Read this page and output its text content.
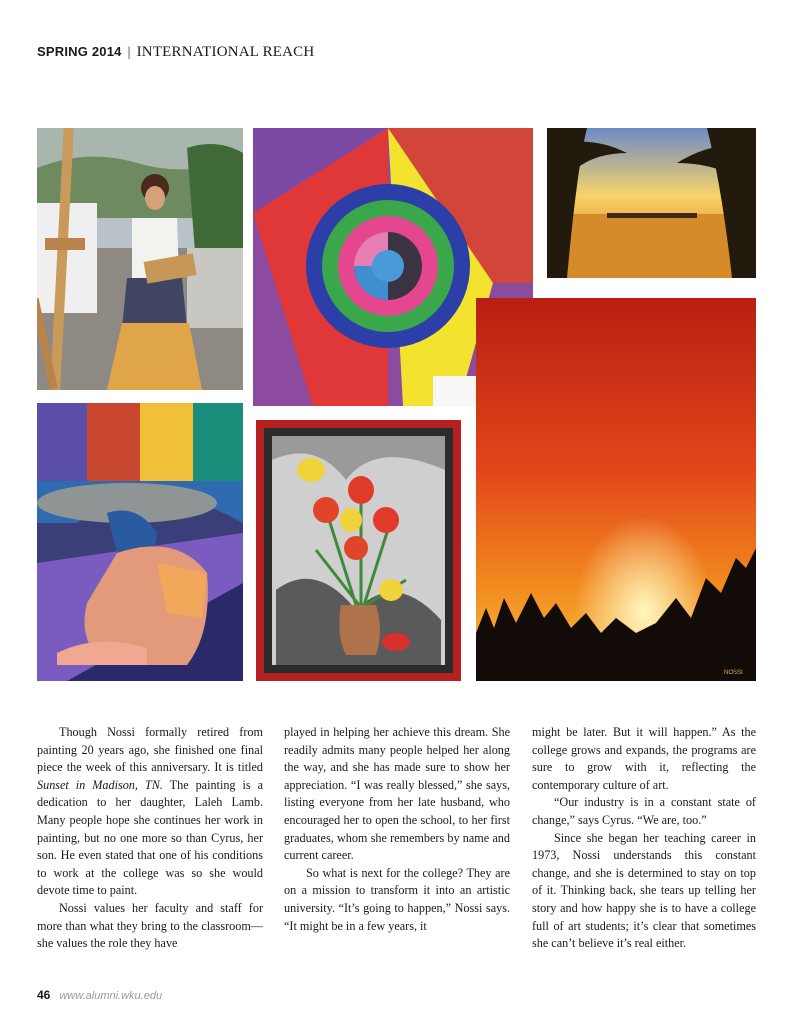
SPRING 2014 | INTERNATIONAL REACH
NOSSI

Though Nossi formally retired from painting 20 years ago, she finished one final piece the week of this anniversary. It is titled Sunset in Madison, TN. The painting is a dedication to her daughter, Laleh Lamb. Many people hope she continues her work in painting, but no one more so than Cyrus, her son. He even stated that one of his conditions to work at the college was so she would devote time to paint.

Nossi values her faculty and staff for more than what they bring to the classroom—she values the role they have

played in helping her achieve this dream. She readily admits many people helped her along the way, and she has made sure to show her appreciation. “I was really blessed,” she says, listing everyone from her late husband, who encouraged her to open the school, to her first graduates, whom she remembers by name and current career.

So what is next for the college? They are on a mission to transform it into an artistic university. “It’s going to happen,” Nossi says. “It might be in a few years, it

might be later. But it will happen.” As the college grows and expands, the programs are sure to grow with it, reflecting the contemporary culture of art.

“Our industry is in a constant state of change,” says Cyrus. “We are, too.”

Since she began her teaching career in 1973, Nossi understands this constant change, and she is determined to stay on top of it. Thinking back, she tears up telling her story and how happy she is to have a college full of art students; it’s clear that sometimes she can’t believe it’s real either.

46 www.alumni.wku.edu
